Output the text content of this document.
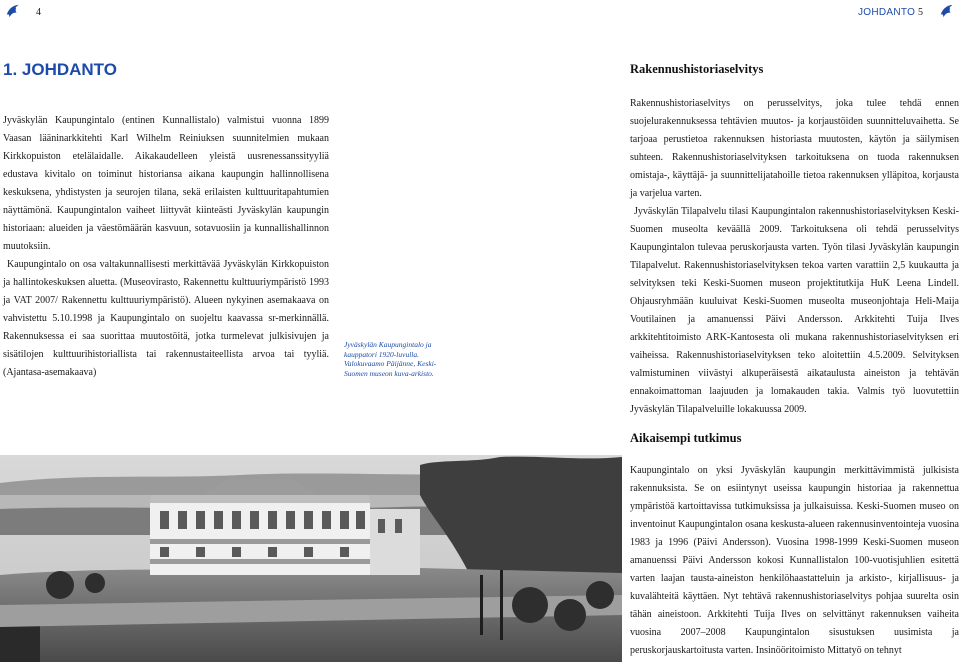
4	JOHDANTO 5
1. JOHDANTO

Jyväskylän Kaupungintalo (entinen Kunnallistalo) valmistui vuonna 1899 Vaasan lääninarkkitehti Karl Wilhelm Reiniuksen suunnitelmien mukaan Kirkkopuiston etelälaidalle. Aikakaudelleen yleistä uusrenessanssityyliä edustava kivitalo on toiminut historiansa aikana kaupungin hallinnollisena keskuksena, yhdistysten ja seurojen tilana, sekä erilaisten kulttuuritapahtumien näyttämönä. Kaupungintalon vaiheet liittyvät kiinteästi Jyväskylän kaupungin historiaan: alueiden ja väestömäärän kasvuun, sotavuosiin ja kunnallishallinnon muutoksiin.

Kaupungintalo on osa valtakunnallisesti merkittävää Jyväskylän Kirkkopuiston ja hallintokeskuksen aluetta. (Museovirasto, Rakennettu kulttuuriympäristö 1993 ja VAT 2007/ Rakennettu kulttuuriympäristö). Alueen nykyinen asemakaava on vahvistettu 5.10.1998 ja Kaupungintalo on suojeltu kaavassa sr-merkinnällä. Rakennuksessa ei saa suorittaa muutostöitä, jotka turmelevat julkisivujen ja sisätilojen kulttuurihistoriallista tai rakennustaiteellista arvoa tai tyyliä. (Ajantasa-asemakaava)

Jyväskylän Kaupungintalo ja kauppatori 1920-luvulla. Valokuvaamo Päijänne, Keski-Suomen museon kuva-arkisto.
Rakennushistoriaselvitys

Rakennushistoriaselvitys on perusselvitys, joka tulee tehdä ennen suojelurakennuksessa tehtävien muutos- ja korjaustöiden suunnitteluvaihetta. Se tarjoaa perustietoa rakennuksen historiasta muutosten, käytön ja säilymisen suhteen. Rakennushistoriaselvityksen tarkoituksena on tuoda rakennuksen omistaja-, käyttäjä- ja suunnittelijatahoille tietoa rakennuksen ylläpitoa, korjausta ja varjelua varten.

Jyväskylän Tilapalvelu tilasi Kaupungintalon rakennushistoriaselvityksen Keski-Suomen museolta keväällä 2009. Tarkoituksena oli tehdä perusselvitys Kaupungintalon tulevaa peruskorjausta varten. Työn tilasi Jyväskylän kaupungin Tilapalvelut. Rakennushistoriaselvityksen tekoa varten varattiin 2,5 kuukautta ja selvityksen teki Keski-Suomen museon projektitutkija HuK Leena Lindell. Ohjausryhmään kuuluivat Keski-Suomen museolta museonjohtaja Heli-Maija Voutilainen ja amanuenssi Päivi Andersson. Arkkitehti Tuija Ilves arkkitehtitoimisto ARK-Kantosesta oli mukana rakennushistoriaselvityksen eri vaiheissa. Rakennushistoriaselvityksen teko aloitettiin 4.5.2009. Selvityksen valmistuminen viivästyi alkuperäisestä aikataulusta aineiston ja tehtävän ennakoimattoman laajuuden ja lomakauden takia. Valmis työ luovutettiin Jyväskylän Tilapalveluille lokakuussa 2009.

Aikaisempi tutkimus

Kaupungintalo on yksi Jyväskylän kaupungin merkittävimmistä julkisista rakennuksista. Se on esiintynyt useissa kaupungin historiaa ja rakennettua ympäristöä kartoittavissa tutkimuksissa ja julkaisuissa. Keski-Suomen museo on inventoinut Kaupungintalon osana keskusta-alueen rakennusinventointeja vuosina 1983 ja 1996 (Päivi Andersson). Vuosina 1998-1999 Keski-Suomen museon amanuenssi Päivi Andersson kokosi Kunnallistalon 100-vuotisjuhlien esitettä varten laajan tausta-aineiston henkilöhaastatteluin ja arkisto-, kirjallisuus- ja kuvalähteitä käyttäen. Nyt tehtävä rakennushistoriaselvitys pohjaa suurelta osin tähän aineistoon. Arkkitehti Tuija Ilves on selvittänyt rakennuksen vaiheita vuosina 2007–2008 Kaupungintalon sisustuksen uusimista ja peruskorjauskartoitusta varten. Insinööritoimisto Mittatyö on tehnyt
